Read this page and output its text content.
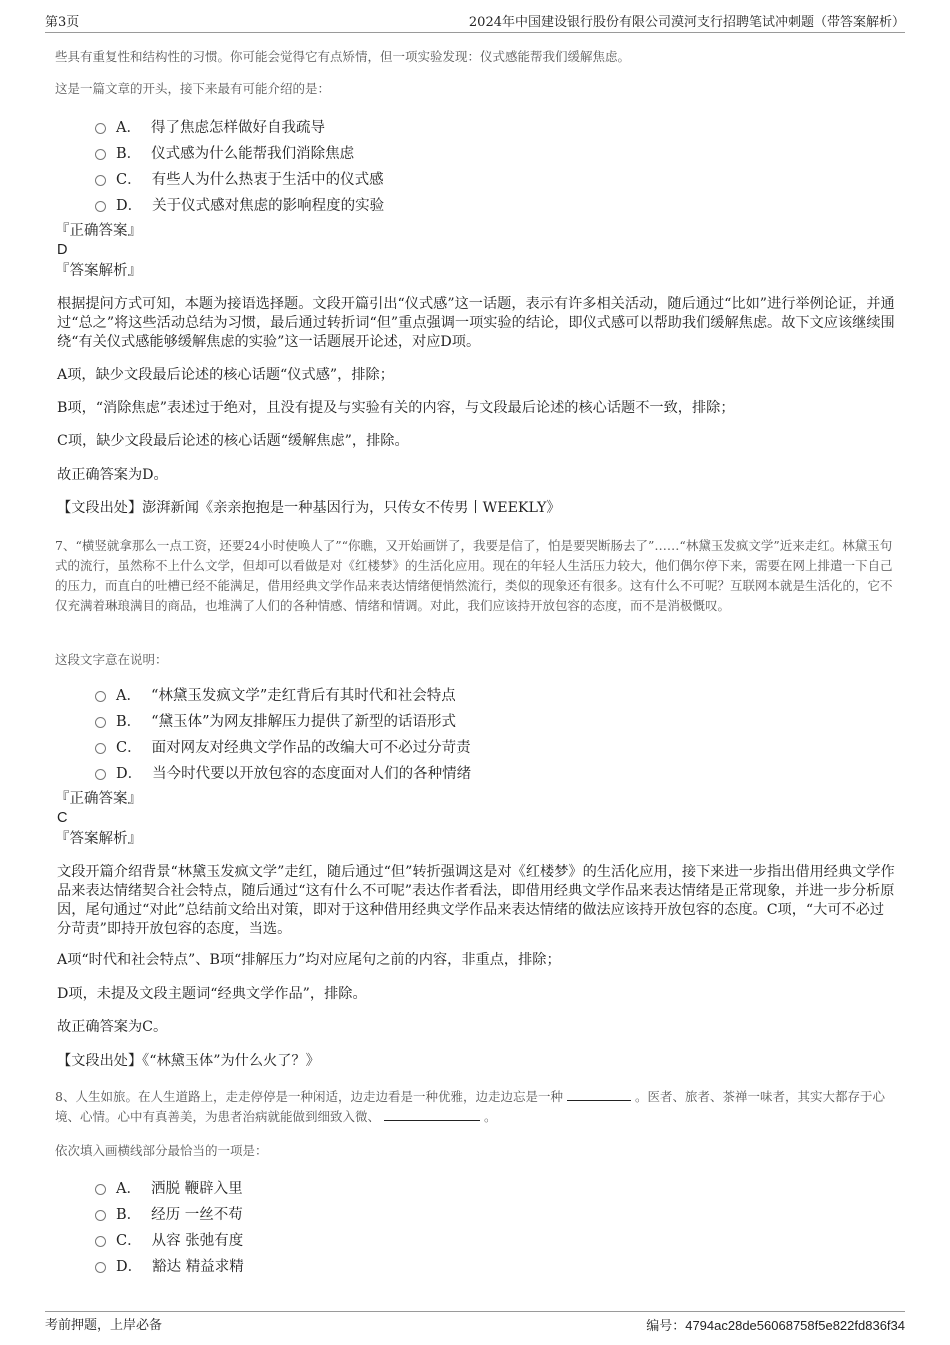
第3页	2024年中国建设银行股份有限公司漠河支行招聘笔试冲刺题（带答案解析）
些具有重复性和结构性的习惯。你可能会觉得它有点矫情，但一项实验发现：仪式感能帮我们缓解焦虑。
这是一篇文章的开头，接下来最有可能介绍的是：
A． 得了焦虑怎样做好自我疏导
B． 仪式感为什么能帮我们消除焦虑
C． 有些人为什么热衷于生活中的仪式感
D． 关于仪式感对焦虑的影响程度的实验
『正确答案』
D
『答案解析』
根据提问方式可知，本题为接语选择题。文段开篇引出“仪式感”这一话题，表示有许多相关活动，随后通过“比如”进行举例论证，并通过“总之”将这些活动总结为习惯，最后通过转折词“但”重点强调一项实验的结论，即仪式感可以帮助我们缓解焦虑。故下文应该继续围绕“有关仪式感能够缓解焦虑的实验”这一话题展开论述，对应D项。
A项，缺少文段最后论述的核心话题“仪式感”，排除；
B项，“消除焦虑”表述过于绝对，且没有提及与实验有关的内容，与文段最后论述的核心话题不一致，排除；
C项，缺少文段最后论述的核心话题“缓解焦虑”，排除。
故正确答案为D。
【文段出处】澎湃新闻《亲亲抱抱是一种基因行为，只传女不传男丨WEEKLY》
7、“横竖就拿那么一点工资，还要24小时使唤人了”“你瞧，又开始画饼了，我要是信了，怕是要哭断肠去了”……“林黛玉发疯文学”近来走红。林黛玉句式的流行，虽然称不上什么文学，但却可以看做是对《红楼梦》的生活化应用。现在的年轻人生活压力较大，他们偶尔停下来，需要在网上排遣一下自己的压力，而直白的吐槽已经不能满足，借用经典文学作品来表达情绪便悄然流行，类似的现象还有很多。这有什么不可呢？互联网本就是生活化的，它不仅充满着琳琅满目的商品，也堆满了人们的各种情感、情绪和情调。对此，我们应该持开放包容的态度，而不是消极慨叹。
这段文字意在说明：
A． “林黛玉发疯文学”走红背后有其时代和社会特点
B． “黛玉体”为网友排解压力提供了新型的话语形式
C． 面对网友对经典文学作品的改编大可不必过分苛责
D． 当今时代要以开放包容的态度面对人们的各种情绪
『正确答案』
C
『答案解析』
文段开篇介绍背景“林黛玉发疯文学”走红，随后通过“但”转折强调这是对《红楼梦》的生活化应用，接下来进一步指出借用经典文学作品来表达情绪契合社会特点，随后通过“这有什么不可呢”表达作者看法，即借用经典文学作品来表达情绪是正常现象，并进一步分析原因，尾句通过“对此”总结前文给出对策，即对于这种借用经典文学作品来表达情绪的做法应该持开放包容的态度。C项，“大可不必过分苛责”即持开放包容的态度，当选。
A项“时代和社会特点”、B项“排解压力”均对应尾句之前的内容，非重点，排除；
D项，未提及文段主题词“经典文学作品”，排除。
故正确答案为C。
【文段出处】《“林黛玉体”为什么火了？》
8、人生如旅。在人生道路上，走走停停是一种闲适，边走边看是一种优雅，边走边忘是一种	。医者、旅者、茶禅一味者，其实大都存于心境、心情。心中有真善美，为患者治病就能做到细致入微、	。
依次填入画横线部分最恰当的一项是：
A． 洒脱 鞭辟入里
B． 经历 一丝不苟
C． 从容 张弛有度
D． 豁达 精益求精
考前押题，上岸必备	编号：4794ac28de56068758f5e822fd836f34
